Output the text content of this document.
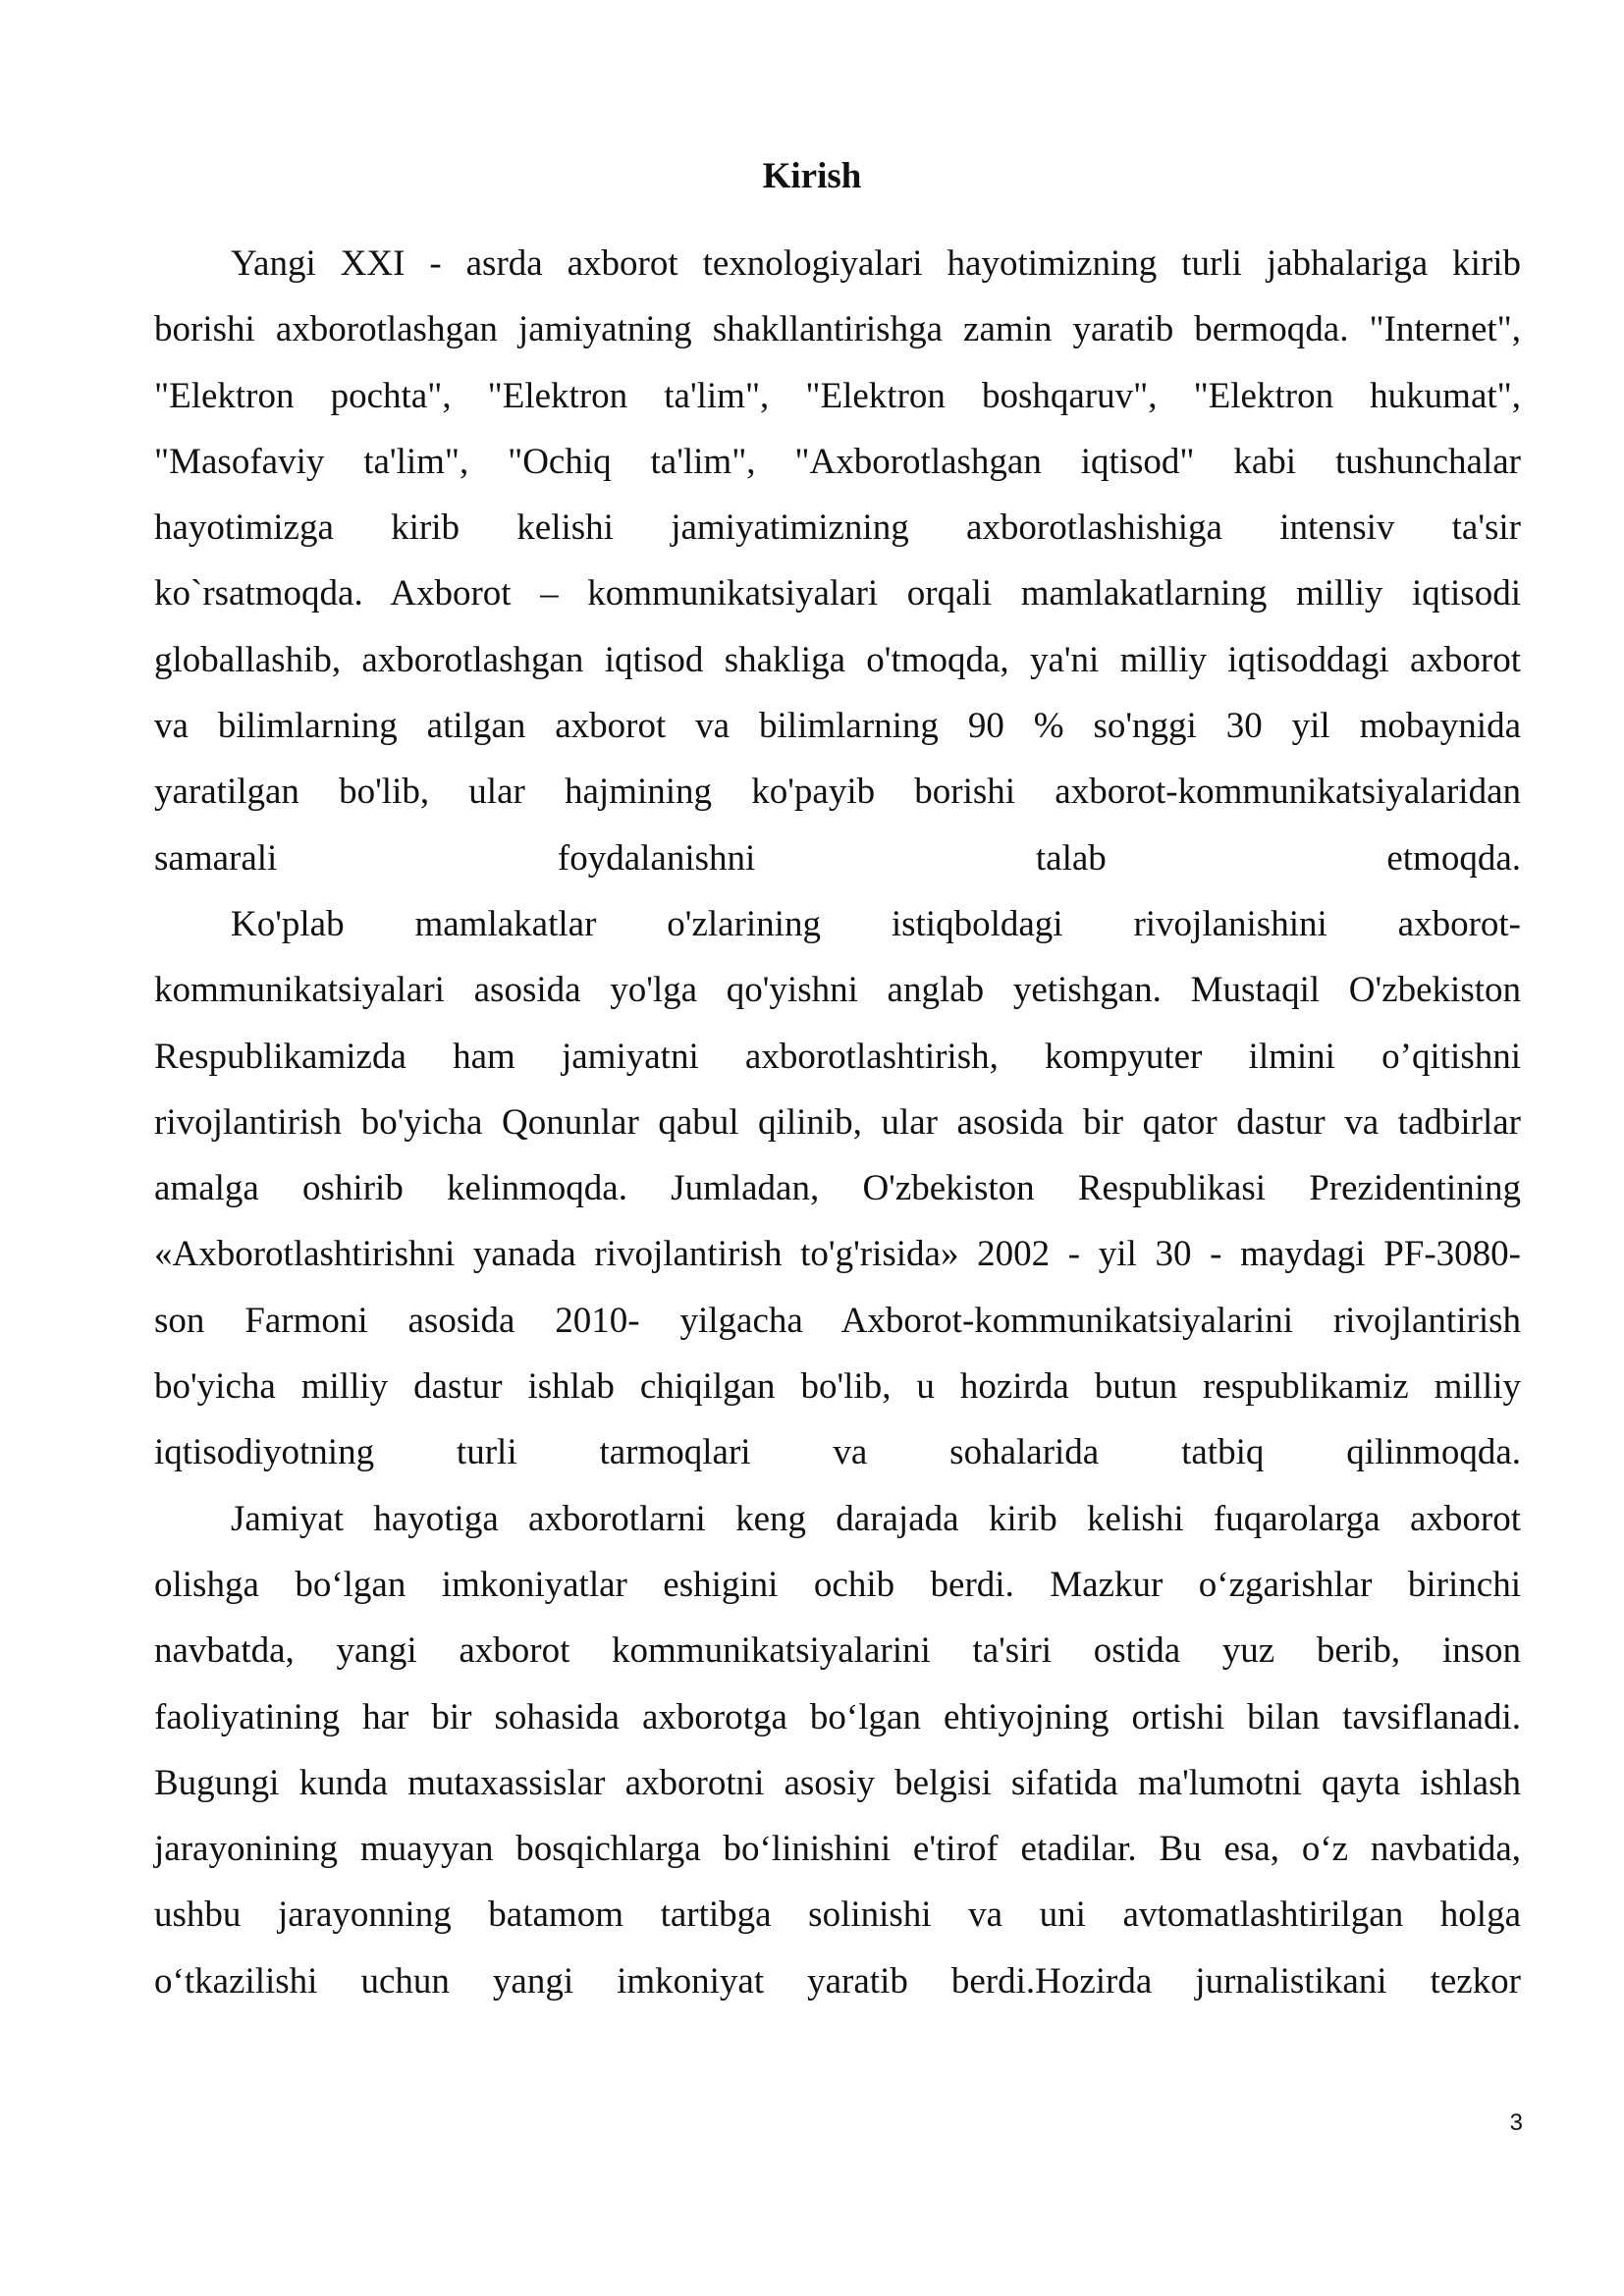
Kirish
Yangi XXI - asrda axborot texnologiyalari hayotimizning turli jabhalariga kirib
borishi axborotlashgan jamiyatning shakllantirishga zamin yaratib bermoqda. "Internet",
"Elektron pochta", "Elektron ta'lim", "Elektron boshqaruv", "Elektron hukumat",
"Masofaviy ta'lim", "Ochiq ta'lim", "Axborotlashgan iqtisod" kabi tushunchalar
hayotimizga kirib kelishi jamiyatimizning axborotlashishiga intensiv ta'sir
ko`rsatmoqda. Axborot – kommunikatsiyalari orqali mamlakatlarning milliy iqtisodi
globallashib, axborotlashgan iqtisod shakliga o'tmoqda, ya'ni milliy iqtisoddagi axborot
va bilimlarning atilgan axborot va bilimlarning 90 % so'nggi 30 yil mobaynida
yaratilgan bo'lib, ular hajmining ko'payib borishi axborot-kommunikatsiyalaridan
samarali foydalanishni talab etmoqda.
Ko'plab mamlakatlar o'zlarining istiqboldagi rivojlanishini axborot-
kommunikatsiyalari asosida yo'lga qo'yishni anglab yetishgan. Mustaqil O'zbekiston
Respublikamizda ham jamiyatni axborotlashtirish, kompyuter ilmini o’qitishni
rivojlantirish bo'yicha Qonunlar qabul qilinib, ular asosida bir qator dastur va tadbirlar
amalga oshirib kelinmoqda. Jumladan, O'zbekiston Respublikasi Prezidentining
«Axborotlashtirishni yanada rivojlantirish to'g'risida» 2002 - yil 30 - maydagi PF-3080-
son Farmoni asosida 2010- yilgacha Axborot-kommunikatsiyalarini rivojlantirish
bo'yicha milliy dastur ishlab chiqilgan bo'lib, u hozirda butun respublikamiz milliy
iqtisodiyotning turli tarmoqlari va sohalarida tatbiq qilinmoqda.
Jamiyat hayotiga axborotlarni keng darajada kirib kelishi fuqarolarga axborot
olishga bo‘lgan imkoniyatlar eshigini ochib berdi. Mazkur o‘zgarishlar birinchi
navbatda, yangi axborot kommunikatsiyalarini ta'siri ostida yuz berib, inson
faoliyatining har bir sohasida axborotga bo‘lgan ehtiyojning ortishi bilan tavsiflanadi.
Bugungi kunda mutaxassislar axborotni asosiy belgisi sifatida ma'lumotni qayta ishlash
jarayonining muayyan bosqichlarga bo‘linishini e'tirof etadilar. Bu esa, o‘z navbatida,
ushbu jarayonning batamom tartibga solinishi va uni avtomatlashtirilgan holga
o‘tkazilishi uchun yangi imkoniyat yaratib berdi.Hozirda jurnalistikani tezkor
3
